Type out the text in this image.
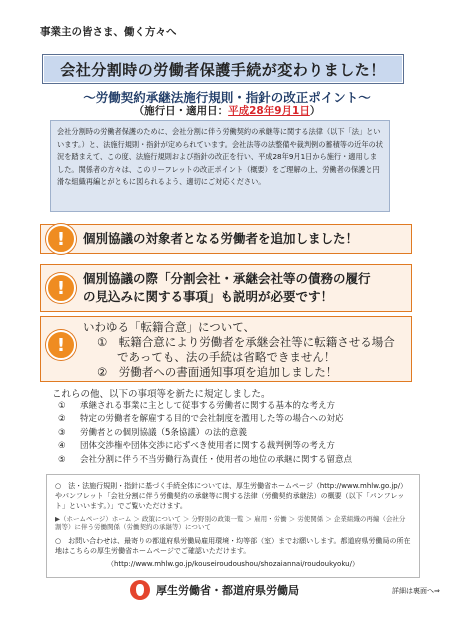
事業主の皆さま、働く方々へ
会社分割時の労働者保護手続が変わりました！
～労働契約承継法施行規則・指針の改正ポイント～
（施行日・適用日：平成28年9月1日）
会社分割時の労働者保護のために、会社分割に伴う労働契約の承継等に関する法律（以下「法」といいます。）と、法施行規則・指針が定められています。会社法等の法整備や裁判例の蓄積等の近年の状況を踏まえて、この度、法施行規則および指針の改正を行い、平成28年9月1日から施行・適用しました。関係者の方々は、このリーフレットの改正ポイント（概要）をご理解の上、労働者の保護と円滑な組織再編とがともに図られるよう、適切にご対応ください。
!	個別協議の対象者となる労働者を追加しました！
!	個別協議の際「分割会社・承継会社等の債務の履行
の見込みに関する事項」も説明が必要です！
!
いわゆる「転籍合意」について、
①　転籍合意により労働者を承継会社等に転籍させる場合
であっても、法の手続は省略できません！
②　労働者への書面通知事項を追加しました！
これらの他、以下の事項等を新たに規定しました。
① 承継される事業に主として従事する労働者に関する基本的な考え方
② 特定の労働者を解雇する目的で会社制度を濫用した等の場合への対応
③ 労働者との個別協議（5条協議）の法的意義
④ 団体交渉権や団体交渉に応ずべき使用者に関する裁判例等の考え方
⑤ 会社分割に伴う不当労働行為責任・使用者の地位の承継に関する留意点

○　法・法施行規則・指針に基づく手続全体については、厚生労働省ホームページ（http://www.mhlw.go.jp/）やパンフレット「会社分割に伴う労働契約の承継等に関する法律（労働契約承継法）の概要（以下「パンフレット」といいます。）」でご覧いただけます。

▶（ホームページ）ホーム ＞ 政策について ＞ 分野別の政策一覧 ＞ 雇用・労働 ＞ 労使関係 ＞ 企業組織の再編（会社分割等）に伴う労働関係（労働契約の承継等）について

○　お問い合わせは、最寄りの都道府県労働局雇用環境・均等部（室）までお願いします。都道府県労働局の所在地はこちらの厚生労働省ホームページでご確認いただけます。

（http://www.mhlw.go.jp/kouseiroudoushou/shozaiannai/roudoukyoku/）
厚生労働省・都道府県労働局	詳細は裏面へ⇒
